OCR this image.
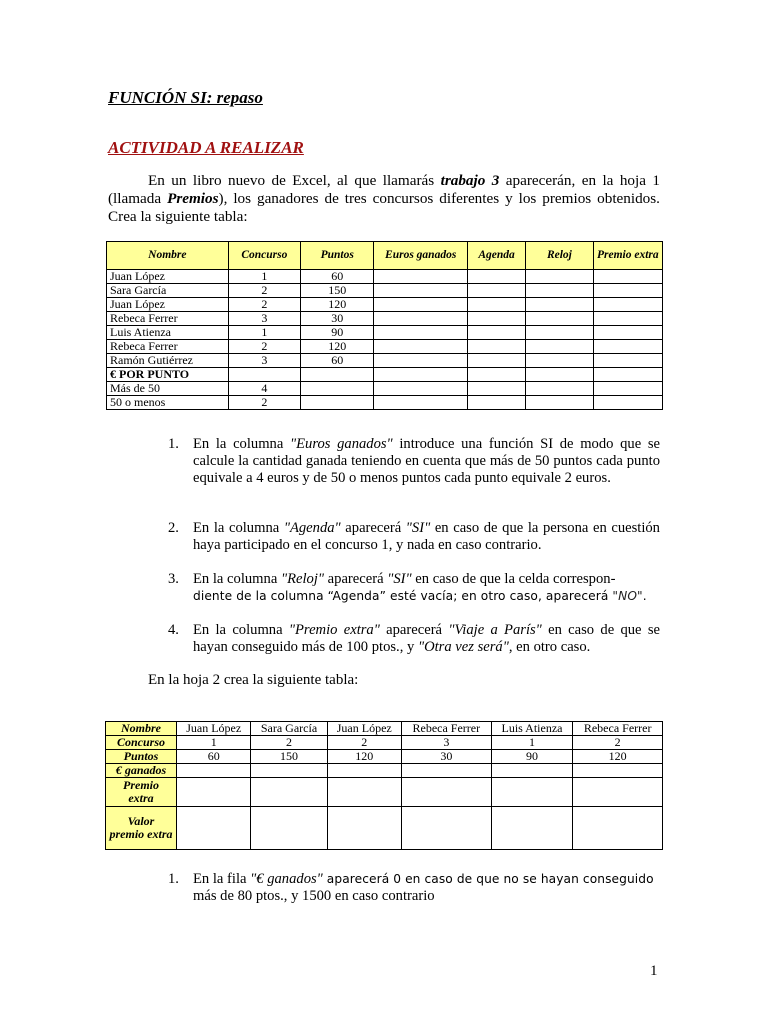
FUNCIÓN SI: repaso
ACTIVIDAD A REALIZAR
En un libro nuevo de Excel, al que llamarás trabajo 3 aparecerán, en la hoja 1 (llamada Premios), los ganadores de tres concursos diferentes y los premios obtenidos. Crea la siguiente tabla:
Nombre	Concurso	Puntos	Euros ganados	Agenda	Reloj	Premio extra
Juan López	1	60				
Sara García	2	150				
Juan López	2	120				
Rebeca Ferrer	3	30				
Luis Atienza	1	90				
Rebeca Ferrer	2	120				
Ramón Gutiérrez	3	60				
€ POR PUNTO						
Más de 50	4					
50 o menos	2					
1. En la columna "Euros ganados" introduce una función SI de modo que se calcule la cantidad ganada teniendo en cuenta que más de 50 puntos cada punto equivale a 4 euros y de 50 o menos puntos cada punto equivale 2 euros.
2. En la columna "Agenda" aparecerá "SI" en caso de que la persona en cuestión haya participado en el concurso 1, y nada en caso contrario.
3. En la columna "Reloj" aparecerá "SI" en caso de que la celda correspon-
diente de la columna “Agenda” esté vacía; en otro caso, aparecerá "NO".
4. En la columna "Premio extra" aparecerá "Viaje a París" en caso de que se hayan conseguido más de 100 ptos., y "Otra vez será", en otro caso.
En la hoja 2 crea la siguiente tabla:
Nombre	Juan López	Sara García	Juan López	Rebeca Ferrer	Luis Atienza	Rebeca Ferrer
Concurso	1	2	2	3	1	2
Puntos	60	150	120	30	90	120
€ ganados						
Premio extra						
Valor premio extra						
1. En la fila "€ ganados" aparecerá 0 en caso de que no se hayan conseguido
más de 80 ptos., y 1500 en caso contrario
1
